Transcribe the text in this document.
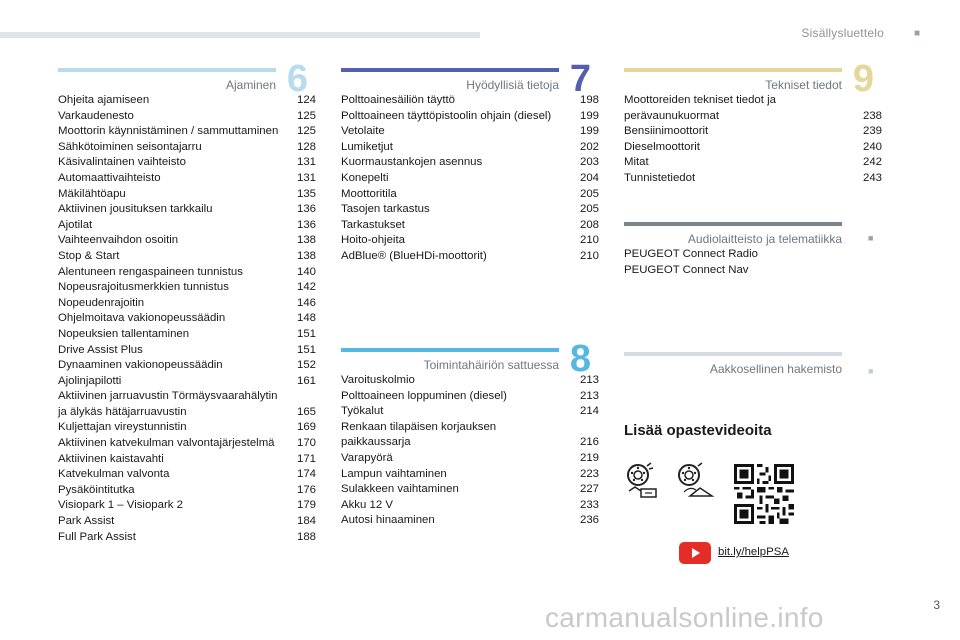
Sisällysluettelo	■
Ajaminen 6
Ohjeita ajamiseen	124
Varkaudenesto	125
Moottorin käynnistäminen / sammuttaminen	125
Sähkötoiminen seisontajarru	128
Käsivalintainen vaihteisto	131
Automaattivaihteisto	131
Mäkilähtöapu	135
Aktiivinen jousituksen tarkkailu	136
Ajotilat	136
Vaihteenvaihdon osoitin	138
Stop & Start	138
Alentuneen rengaspaineen tunnistus	140
Nopeusrajoitusmerkkien tunnistus	142
Nopeudenrajoitin	146
Ohjelmoitava vakionopeussäädin	148
Nopeuksien tallentaminen	151
Drive Assist Plus	151
Dynaaminen vakionopeussäädin	152
Ajolinjapilotti	161
Aktiivinen jarruavustin Törmäysvaarahälytin
ja älykäs hätäjarruavustin	165
Kuljettajan vireystunnistin	169
Aktiivinen katvekulman valvontajärjestelmä	170
Aktiivinen kaistavahti	171
Katvekulman valvonta	174
Pysäköintitutka	176
Visiopark 1 – Visiopark 2	179
Park Assist	184
Full Park Assist	188
Hyödyllisiä tietoja 7
Polttoainesäiliön täyttö	198
Polttoaineen täyttöpistoolin ohjain (diesel)	199
Vetolaite	199
Lumiketjut	202
Kuormaustankojen asennus	203
Konepelti	204
Moottoritila	205
Tasojen tarkastus	205
Tarkastukset	208
Hoito-ohjeita	210
AdBlue® (BlueHDi-moottorit)	210
Toimintahäiriön sattuessa 8
Varoituskolmio	213
Polttoaineen loppuminen (diesel)	213
Työkalut	214
Renkaan tilapäisen korjauksen
paikkaussarja	216
Varapyörä	219
Lampun vaihtaminen	223
Sulakkeen vaihtaminen	227
Akku 12 V	233
Autosi hinaaminen	236
Tekniset tiedot 9
Moottoreiden tekniset tiedot ja
perävaunukuormat	238
Bensiinimoottorit	239
Dieselmoottorit	240
Mitat	242
Tunnistetiedot	243
Audiolaitteisto ja telematiikka
PEUGEOT Connect Radio
PEUGEOT Connect Nav
■
Aakkosellinen hakemisto	■
Lisää opastevideoita
bit.ly/helpPSA
carmanualsonline.info	3
